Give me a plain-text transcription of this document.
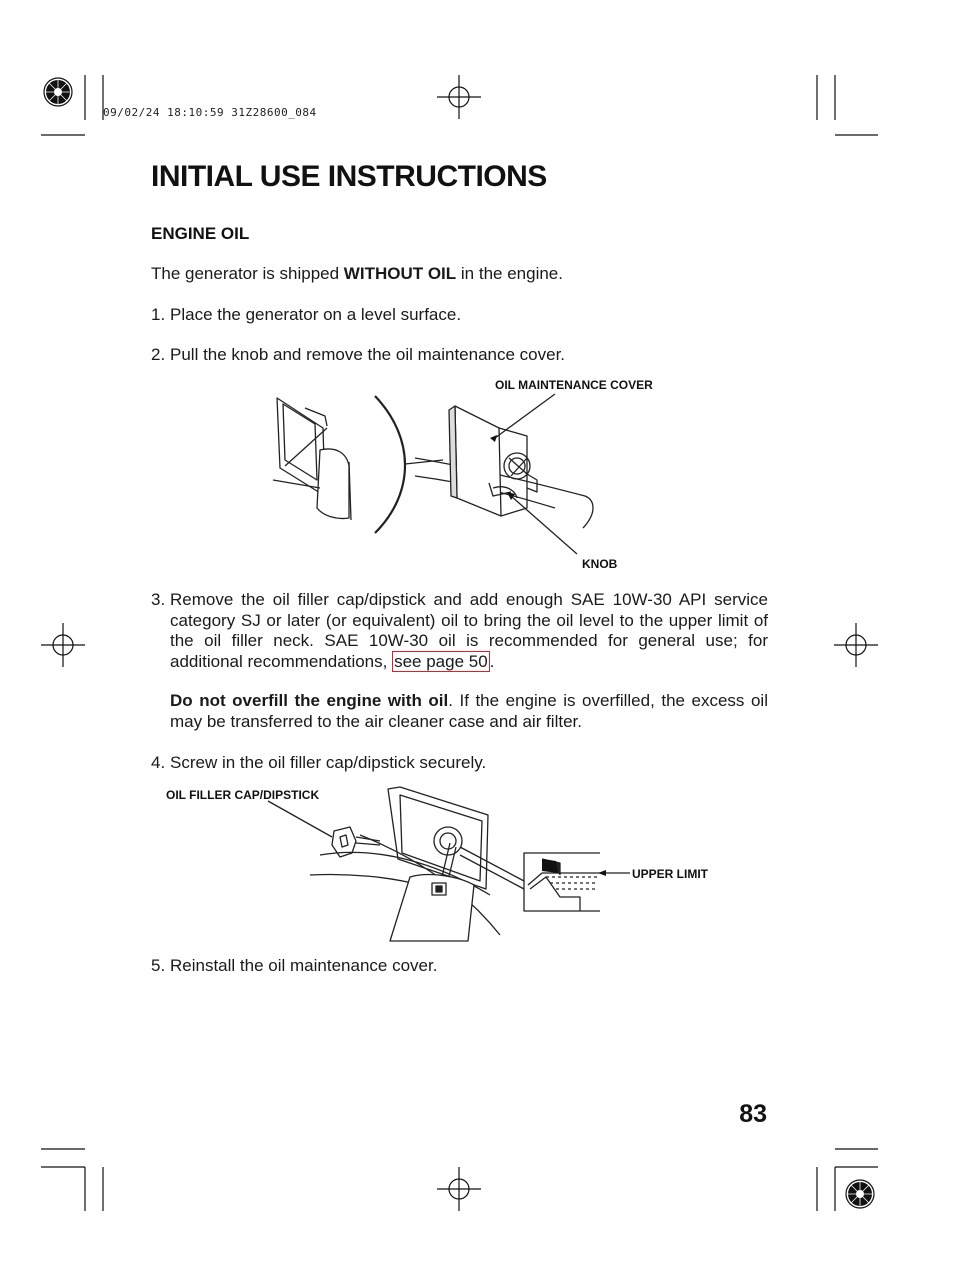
09/02/24 18:10:59 31Z28600_084
INITIAL USE INSTRUCTIONS
ENGINE OIL
The generator is shipped WITHOUT OIL in the engine.
1. Place the generator on a level surface.
2. Pull the knob and remove the oil maintenance cover.
OIL MAINTENANCE COVER
KNOB
3. Remove the oil filler cap/dipstick and add enough SAE 10W-30 API service category SJ or later (or equivalent) oil to bring the oil level to the upper limit of the oil filler neck. SAE 10W-30 oil is recommended for general use; for additional recommendations, see page 50 .
Do not overfill the engine with oil. If the engine is overfilled, the excess oil may be transferred to the air cleaner case and air filter.
4. Screw in the oil filler cap/dipstick securely.
OIL FILLER CAP/DIPSTICK
UPPER LIMIT
5. Reinstall the oil maintenance cover.
83
